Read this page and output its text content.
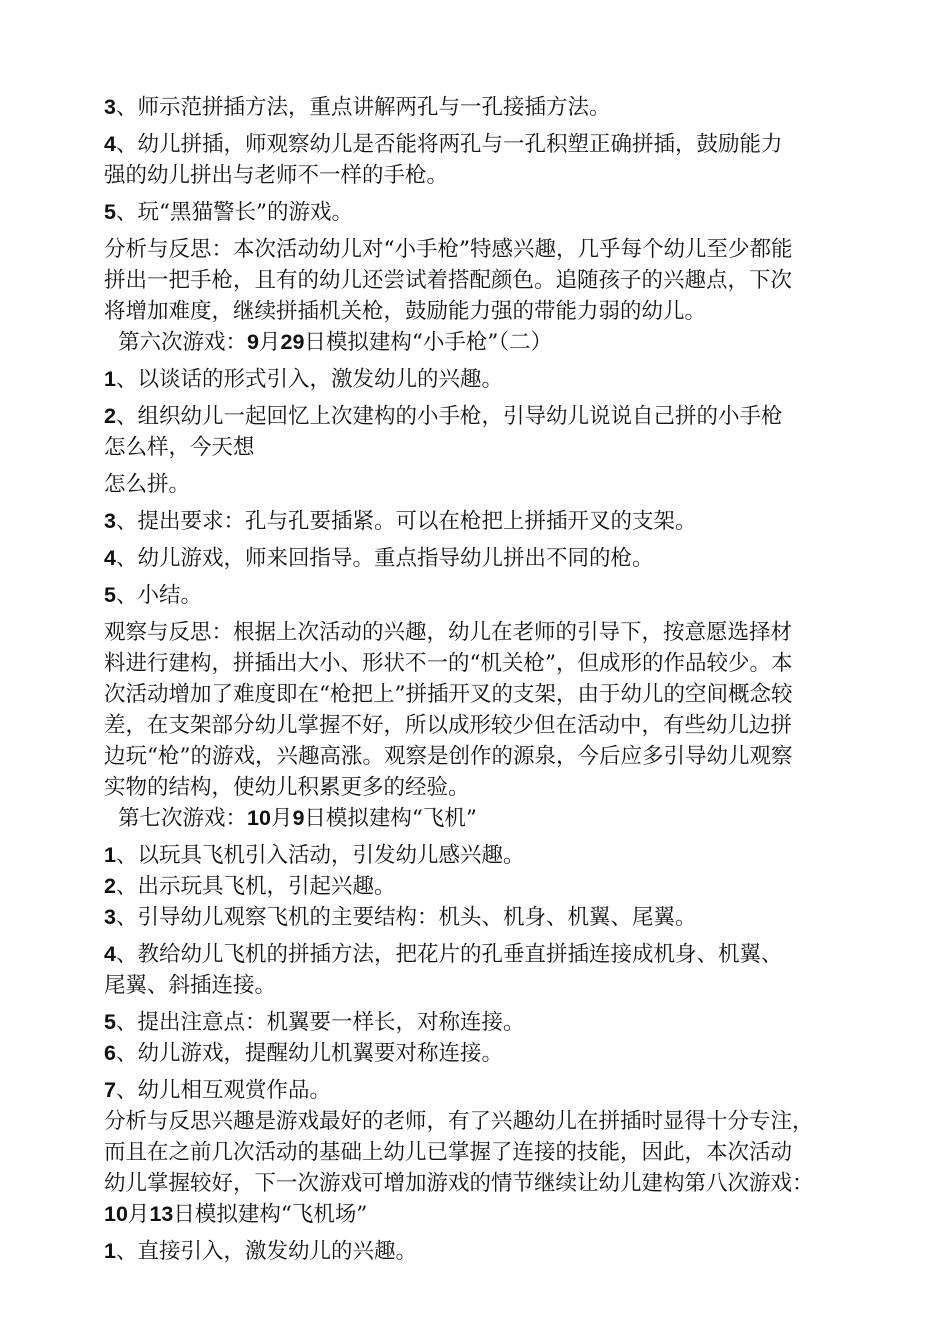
3、师示范拼插方法，重点讲解两孔与一孔接插方法。

4、幼儿拼插，师观察幼儿是否能将两孔与一孔积塑正确拼插，鼓励能力

强的幼儿拼出与老师不一样的手枪。

5、玩“黑猫警长”的游戏。

分析与反思：本次活动幼儿对“小手枪”特感兴趣，几乎每个幼儿至少都能

拼出一把手枪，且有的幼儿还尝试着搭配颜色。追随孩子的兴趣点，下次

将增加难度，继续拼插机关枪，鼓励能力强的带能力弱的幼儿。

第六次游戏：9月29日模拟建构“小手枪”（二）

1、以谈话的形式引入，激发幼儿的兴趣。

2、组织幼儿一起回忆上次建构的小手枪，引导幼儿说说自己拼的小手枪

怎么样，今天想

怎么拼。

3、提出要求：孔与孔要插紧。可以在枪把上拼插开叉的支架。

4、幼儿游戏，师来回指导。重点指导幼儿拼出不同的枪。

5、小结。

观察与反思：根据上次活动的兴趣，幼儿在老师的引导下，按意愿选择材

料进行建构，拼插出大小、形状不一的“机关枪”，但成形的作品较少。本

次活动增加了难度即在“枪把上”拼插开叉的支架，由于幼儿的空间概念较

差，在支架部分幼儿掌握不好，所以成形较少但在活动中，有些幼儿边拼

边玩“枪”的游戏，兴趣高涨。观察是创作的源泉，今后应多引导幼儿观察

实物的结构，使幼儿积累更多的经验。

第七次游戏：10月9日模拟建构“飞机”

1、以玩具飞机引入活动，引发幼儿感兴趣。

2、出示玩具飞机，引起兴趣。

3、引导幼儿观察飞机的主要结构：机头、机身、机翼、尾翼。

4、教给幼儿飞机的拼插方法，把花片的孔垂直拼插连接成机身、机翼、

尾翼、斜插连接。

5、提出注意点：机翼要一样长，对称连接。

6、幼儿游戏，提醒幼儿机翼要对称连接。

7、幼儿相互观赏作品。

分析与反思兴趣是游戏最好的老师，有了兴趣幼儿在拼插时显得十分专注，

而且在之前几次活动的基础上幼儿已掌握了连接的技能，因此，本次活动

幼儿掌握较好，下一次游戏可增加游戏的情节继续让幼儿建构第八次游戏：

10月13日模拟建构“飞机场”

1、直接引入，激发幼儿的兴趣。
